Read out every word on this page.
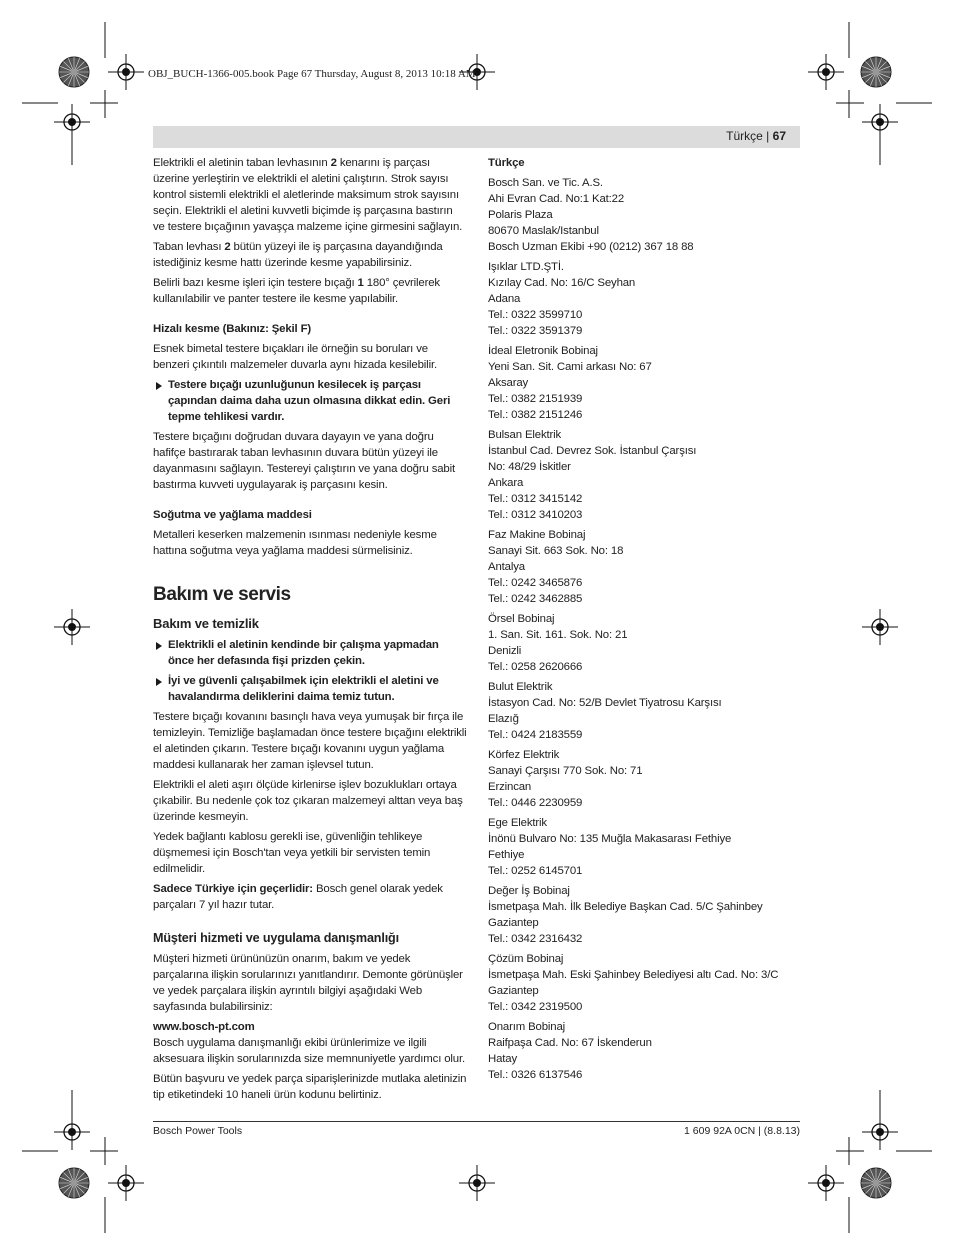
OBJ_BUCH-1366-005.book Page 67 Thursday, August 8, 2013 10:18 AM
Türkçe | 67

Elektrikli el aletinin taban levhasının 2 kenarını iş parçası üzerine yerleştirin ve elektrikli el aletini çalıştırın. Strok sayısı kontrol sistemli elektrikli el aletlerinde maksimum strok sayısını seçin. Elektrikli el aletini kuvvetli biçimde iş parçasına bastırın ve testere bıçağının yavaşça malzeme içine girmesini sağlayın.

Taban levhası 2 bütün yüzeyi ile iş parçasına dayandığında istediğiniz kesme hattı üzerinde kesme yapabilirsiniz.

Belirli bazı kesme işleri için testere bıçağı 1 180° çevrilerek kullanılabilir ve panter testere ile kesme yapılabilir.

Hizalı kesme (Bakınız: Şekil F)

Esnek bimetal testere bıçakları ile örneğin su boruları ve benzeri çıkıntılı malzemeler duvarla aynı hizada kesilebilir.

Testere bıçağı uzunluğunun kesilecek iş parçası çapından daima daha uzun olmasına dikkat edin. Geri tepme tehlikesi vardır.

Testere bıçağını doğrudan duvara dayayın ve yana doğru hafifçe bastırarak taban levhasının duvara bütün yüzeyi ile dayanmasını sağlayın. Testereyi çalıştırın ve yana doğru sabit bastırma kuvveti uygulayarak iş parçasını kesin.

Soğutma ve yağlama maddesi

Metalleri keserken malzemenin ısınması nedeniyle kesme hattına soğutma veya yağlama maddesi sürmelisiniz.

Bakım ve servis
Bakım ve temizlik
Elektrikli el aletinin kendinde bir çalışma yapmadan önce her defasında fişi prizden çekin.
İyi ve güvenli çalışabilmek için elektrikli el aletini ve havalandırma deliklerini daima temiz tutun.

Testere bıçağı kovanını basınçlı hava veya yumuşak bir fırça ile temizleyin. Temizliğe başlamadan önce testere bıçağını elektrikli el aletinden çıkarın. Testere bıçağı kovanını uygun yağlama maddesi kullanarak her zaman işlevsel tutun.

Elektrikli el aleti aşırı ölçüde kirlenirse işlev bozuklukları ortaya çıkabilir. Bu nedenle çok toz çıkaran malzemeyi alttan veya baş üzerinde kesmeyin.

Yedek bağlantı kablosu gerekli ise, güvenliğin tehlikeye düşmemesi için Bosch'tan veya yetkili bir servisten temin edilmelidir.

Sadece Türkiye için geçerlidir: Bosch genel olarak yedek parçaları 7 yıl hazır tutar.

Müşteri hizmeti ve uygulama danışmanlığı

Müşteri hizmeti ürününüzün onarım, bakım ve yedek parçalarına ilişkin sorularınızı yanıtlandırır. Demonte görünüşler ve yedek parçalara ilişkin ayrıntılı bilgiyi aşağıdaki Web sayfasında bulabilirsiniz:

www.bosch-pt.com

Bosch uygulama danışmanlığı ekibi ürünlerimize ve ilgili aksesuara ilişkin sorularınızda size memnuniyetle yardımcı olur.

Bütün başvuru ve yedek parça siparişlerinizde mutlaka aletinizin tip etiketindeki 10 haneli ürün kodunu belirtiniz.

Türkçe
Bosch San. ve Tic. A.S.
Ahi Evran Cad. No:1 Kat:22
Polaris Plaza
80670 Maslak/Istanbul
Bosch Uzman Ekibi +90 (0212) 367 18 88
Işıklar LTD.ŞTİ.
Kızılay Cad. No: 16/C Seyhan
Adana
Tel.: 0322 3599710
Tel.: 0322 3591379
İdeal Eletronik Bobinaj
Yeni San. Sit. Cami arkası No: 67
Aksaray
Tel.: 0382 2151939
Tel.: 0382 2151246
Bulsan Elektrik
İstanbul Cad. Devrez Sok. İstanbul Çarşısı
No: 48/29 İskitler
Ankara
Tel.: 0312 3415142
Tel.: 0312 3410203
Faz Makine Bobinaj
Sanayi Sit. 663 Sok. No: 18
Antalya
Tel.: 0242 3465876
Tel.: 0242 3462885
Örsel Bobinaj
1. San. Sit. 161. Sok. No: 21
Denizli
Tel.: 0258 2620666
Bulut Elektrik
İstasyon Cad. No: 52/B Devlet Tiyatrosu Karşısı
Elazığ
Tel.: 0424 2183559
Körfez Elektrik
Sanayi Çarşısı 770 Sok. No: 71
Erzincan
Tel.: 0446 2230959
Ege Elektrik
İnönü Bulvaro No: 135 Muğla Makasarası Fethiye
Fethiye
Tel.: 0252 6145701
Değer İş Bobinaj
İsmetpaşa Mah. İlk Belediye Başkan Cad. 5/C Şahinbey
Gaziantep
Tel.: 0342 2316432
Çözüm Bobinaj
İsmetpaşa Mah. Eski Şahinbey Belediyesi altı Cad. No: 3/C
Gaziantep
Tel.: 0342 2319500
Onarım Bobinaj
Raifpaşa Cad. No: 67 İskenderun
Hatay
Tel.: 0326 6137546
Bosch Power Tools	1 609 92A 0CN | (8.8.13)
